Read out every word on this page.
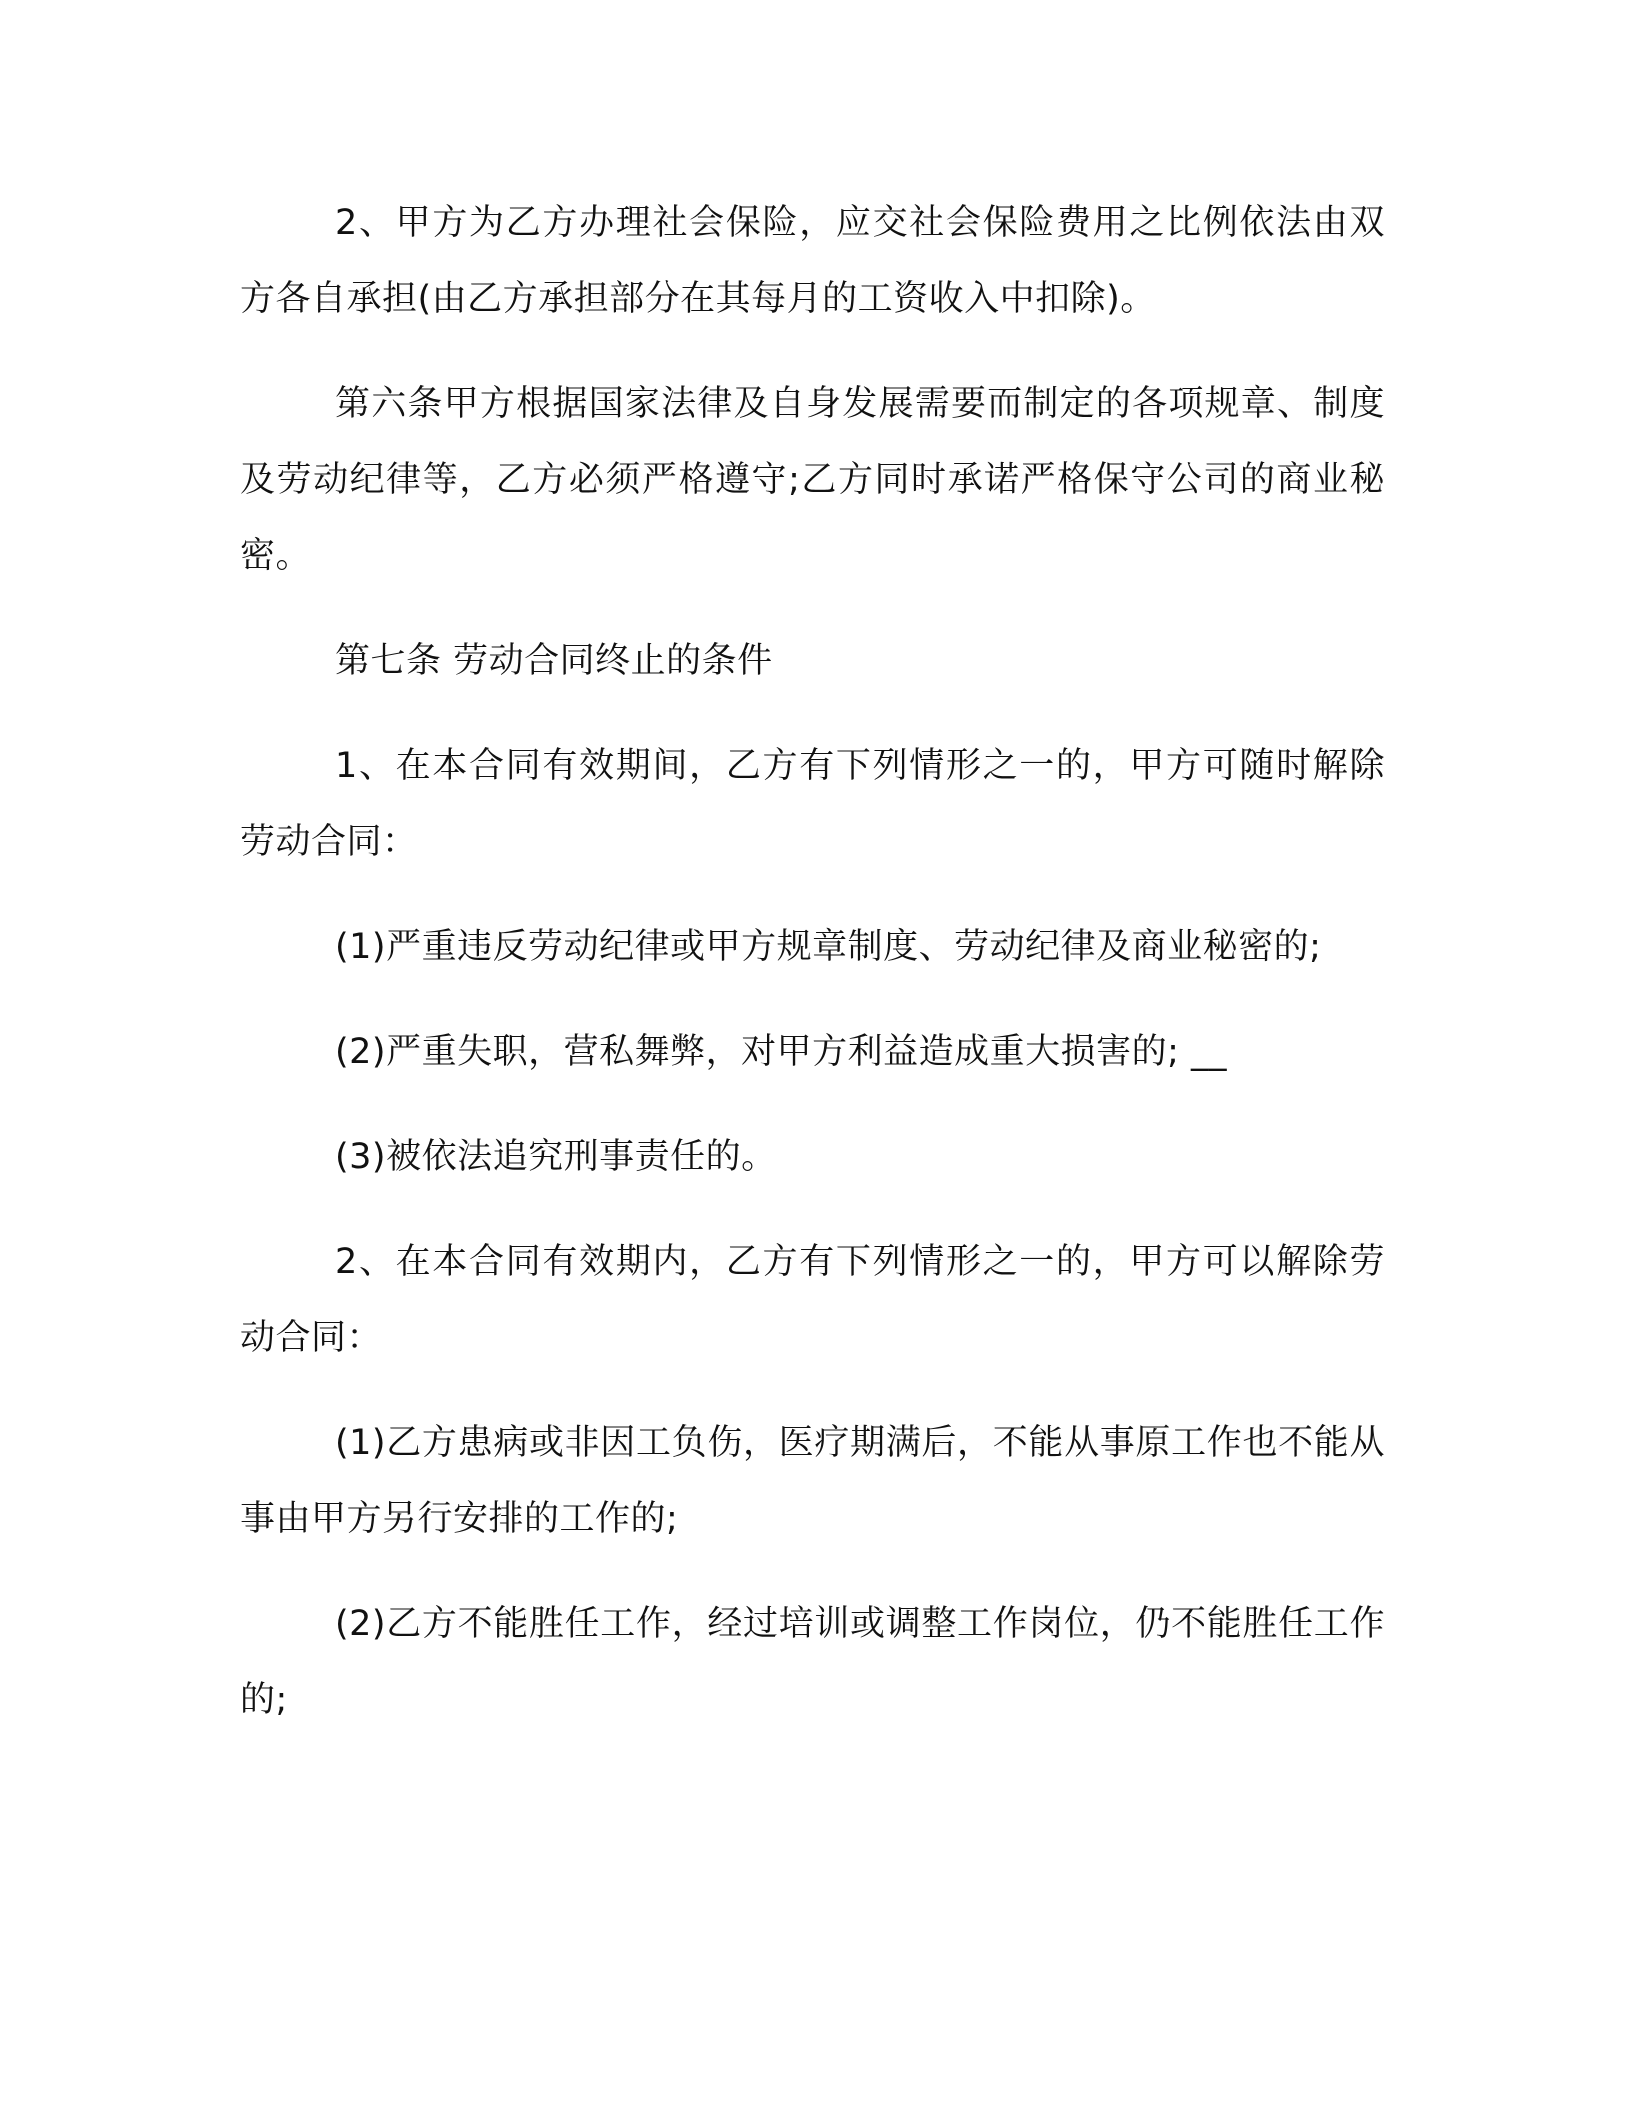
2、甲方为乙方办理社会保险，应交社会保险费用之比例依法由双方各自承担(由乙方承担部分在其每月的工资收入中扣除)。

第六条甲方根据国家法律及自身发展需要而制定的各项规章、制度及劳动纪律等，乙方必须严格遵守;乙方同时承诺严格保守公司的商业秘密。

第七条 劳动合同终止的条件

1、在本合同有效期间，乙方有下列情形之一的，甲方可随时解除劳动合同：

(1)严重违反劳动纪律或甲方规章制度、劳动纪律及商业秘密的;

(2)严重失职，营私舞弊，对甲方利益造成重大损害的; __

(3)被依法追究刑事责任的。

2、在本合同有效期内，乙方有下列情形之一的，甲方可以解除劳动合同：

(1)乙方患病或非因工负伤，医疗期满后，不能从事原工作也不能从事由甲方另行安排的工作的;

(2)乙方不能胜任工作，经过培训或调整工作岗位，仍不能胜任工作的;
